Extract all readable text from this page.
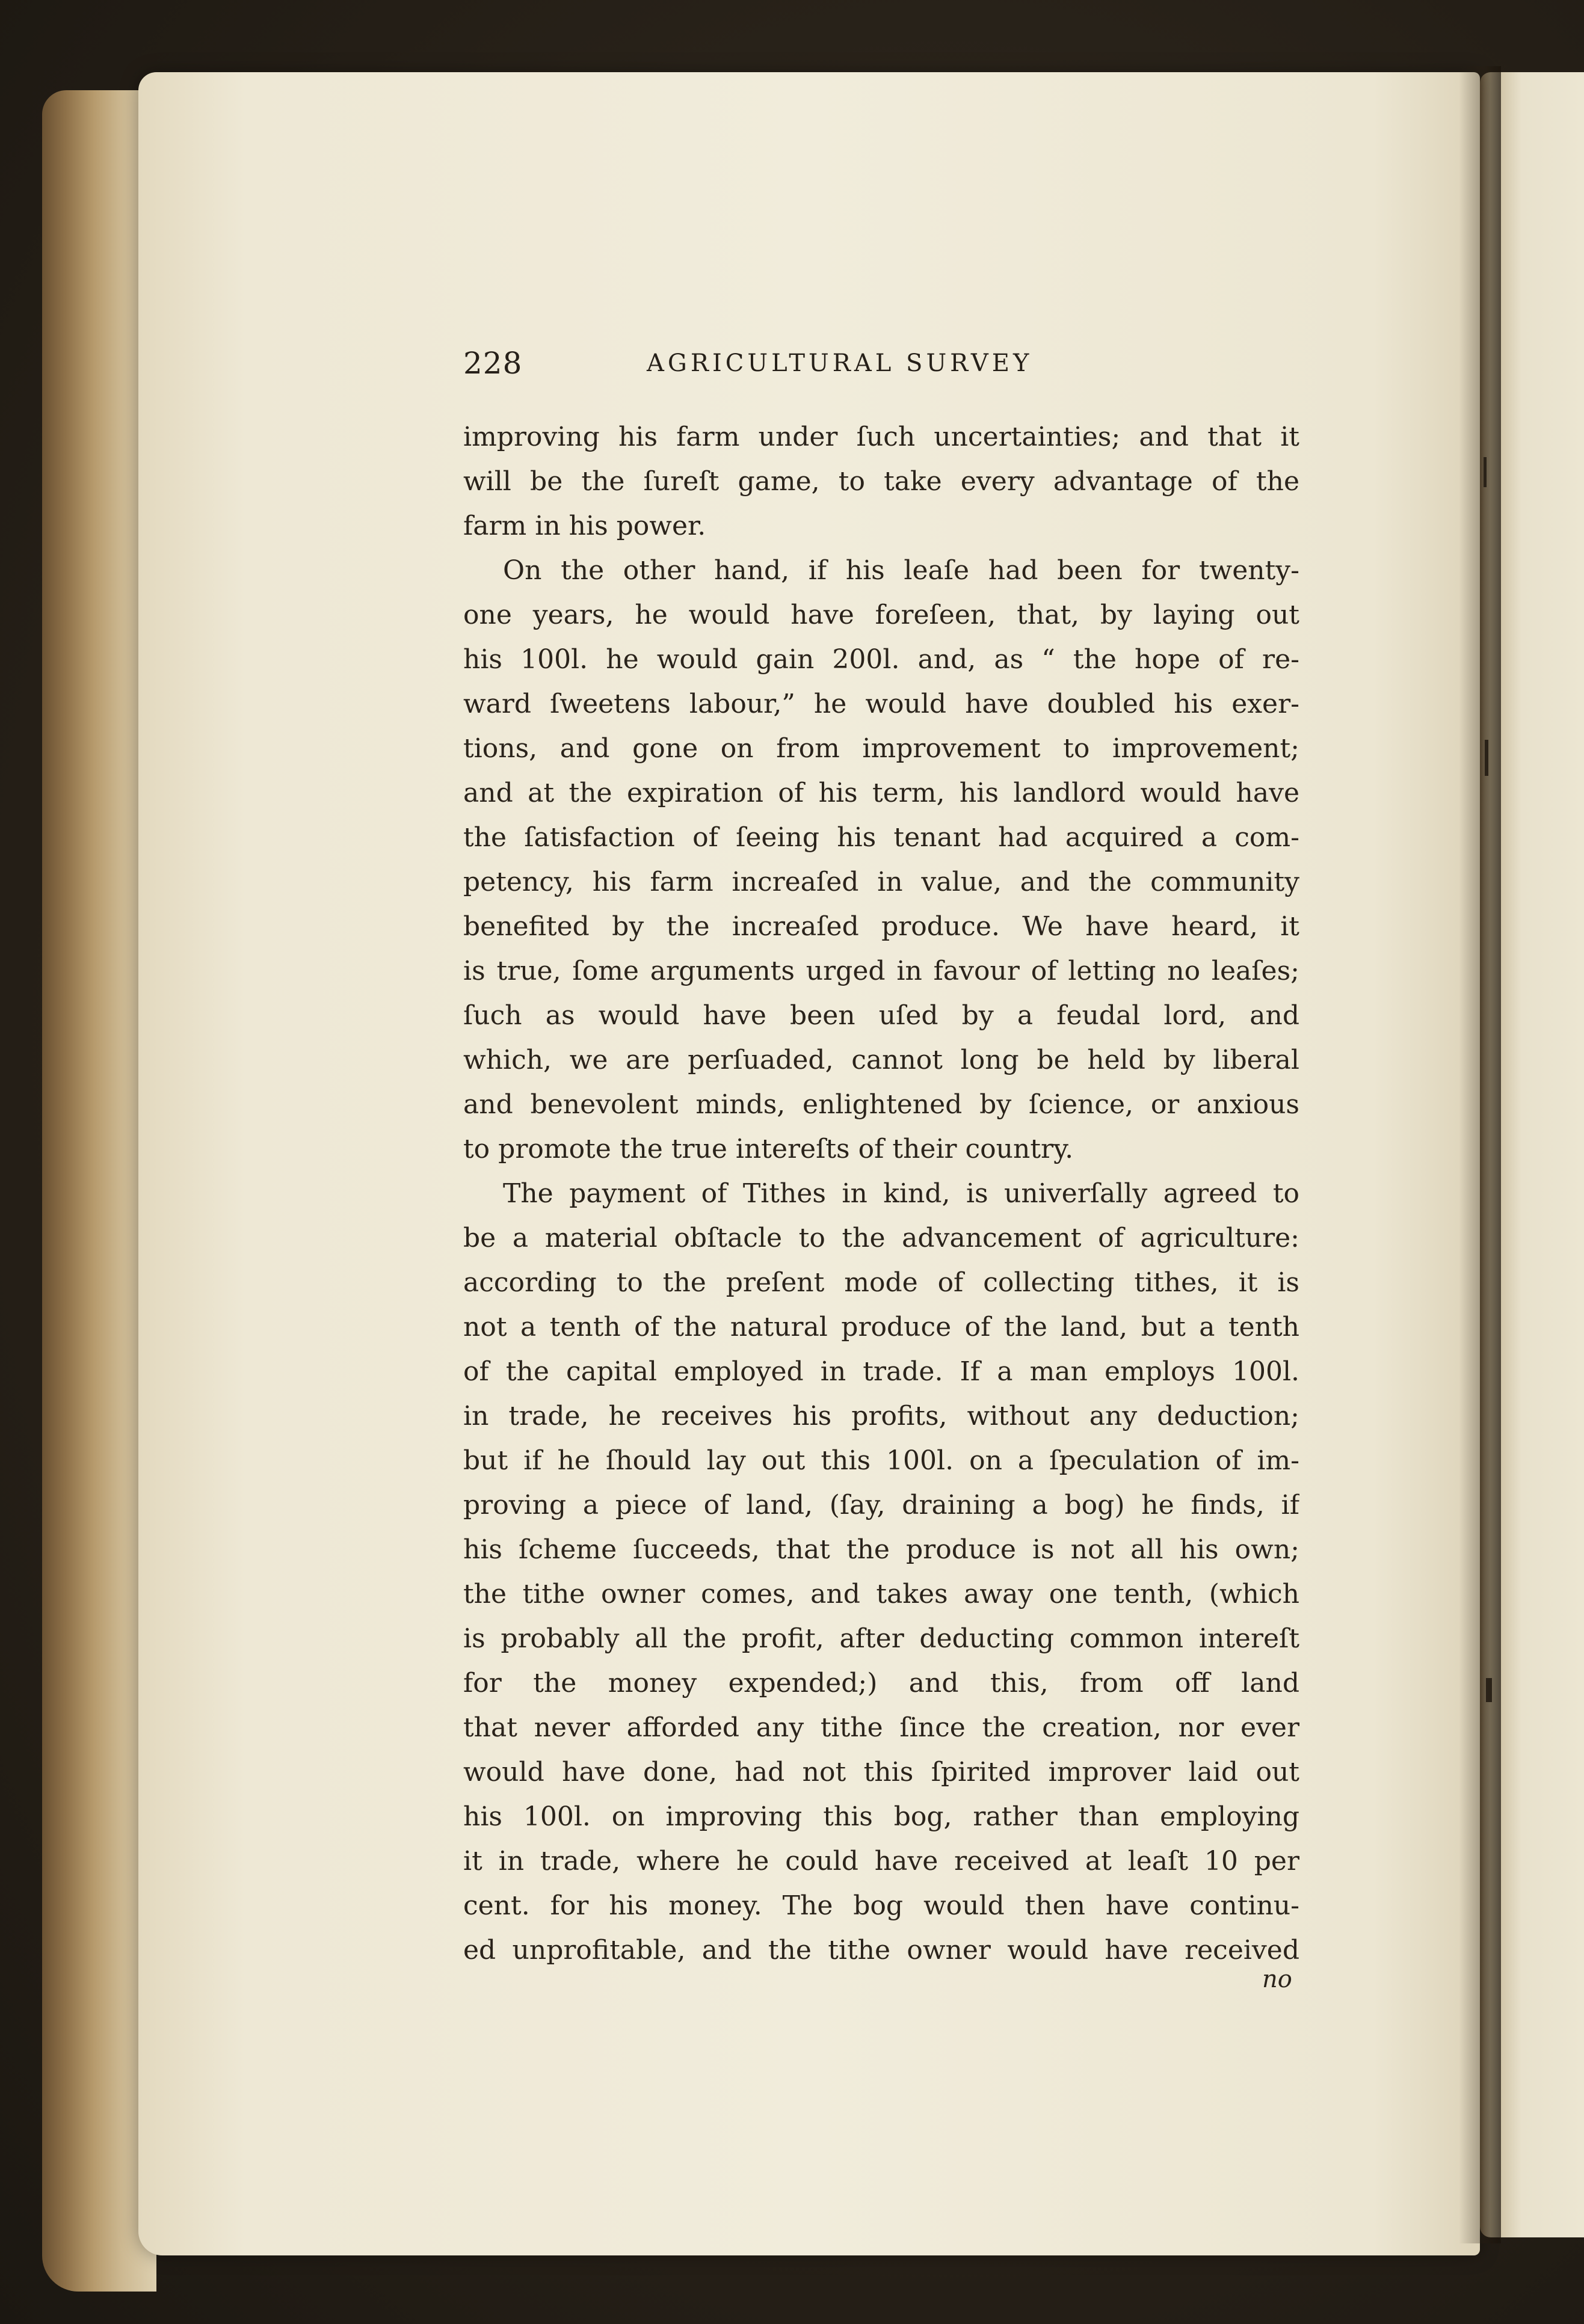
228	AGRICULTURAL SURVEY
improving his farm under ſuch uncertainties; and that it
will be the ſureſt game, to take every advantage of the
farm in his power.
On the other hand, if his leaſe had been for twenty-
one years, he would have foreſeen, that, by laying out
his 100l. he would gain 200l. and, as “ the hope of re-
ward ſweetens labour,” he would have doubled his exer-
tions, and gone on from improvement to improvement;
and at the expiration of his term, his landlord would have
the ſatisfaction of ſeeing his tenant had acquired a com-
petency, his farm increaſed in value, and the community
benefited by the increaſed produce. We have heard, it
is true, ſome arguments urged in favour of letting no leaſes;
ſuch as would have been uſed by a feudal lord, and
which, we are perſuaded, cannot long be held by liberal
and benevolent minds, enlightened by ſcience, or anxious
to promote the true intereſts of their country.
The payment of Tithes in kind, is univerſally agreed to
be a material obſtacle to the advancement of agriculture:
according to the preſent mode of collecting tithes, it is
not a tenth of the natural produce of the land, but a tenth
of the capital employed in trade. If a man employs 100l.
in trade, he receives his profits, without any deduction;
but if he ſhould lay out this 100l. on a ſpeculation of im-
proving a piece of land, (ſay, draining a bog) he finds, if
his ſcheme ſucceeds, that the produce is not all his own;
the tithe owner comes, and takes away one tenth, (which
is probably all the profit, after deducting common intereſt
for the money expended;) and this, from off land
that never afforded any tithe ſince the creation, nor ever
would have done, had not this ſpirited improver laid out
his 100l. on improving this bog, rather than employing
it in trade, where he could have received at leaſt 10 per
cent. for his money. The bog would then have continu-
ed unprofitable, and the tithe owner would have received
no
